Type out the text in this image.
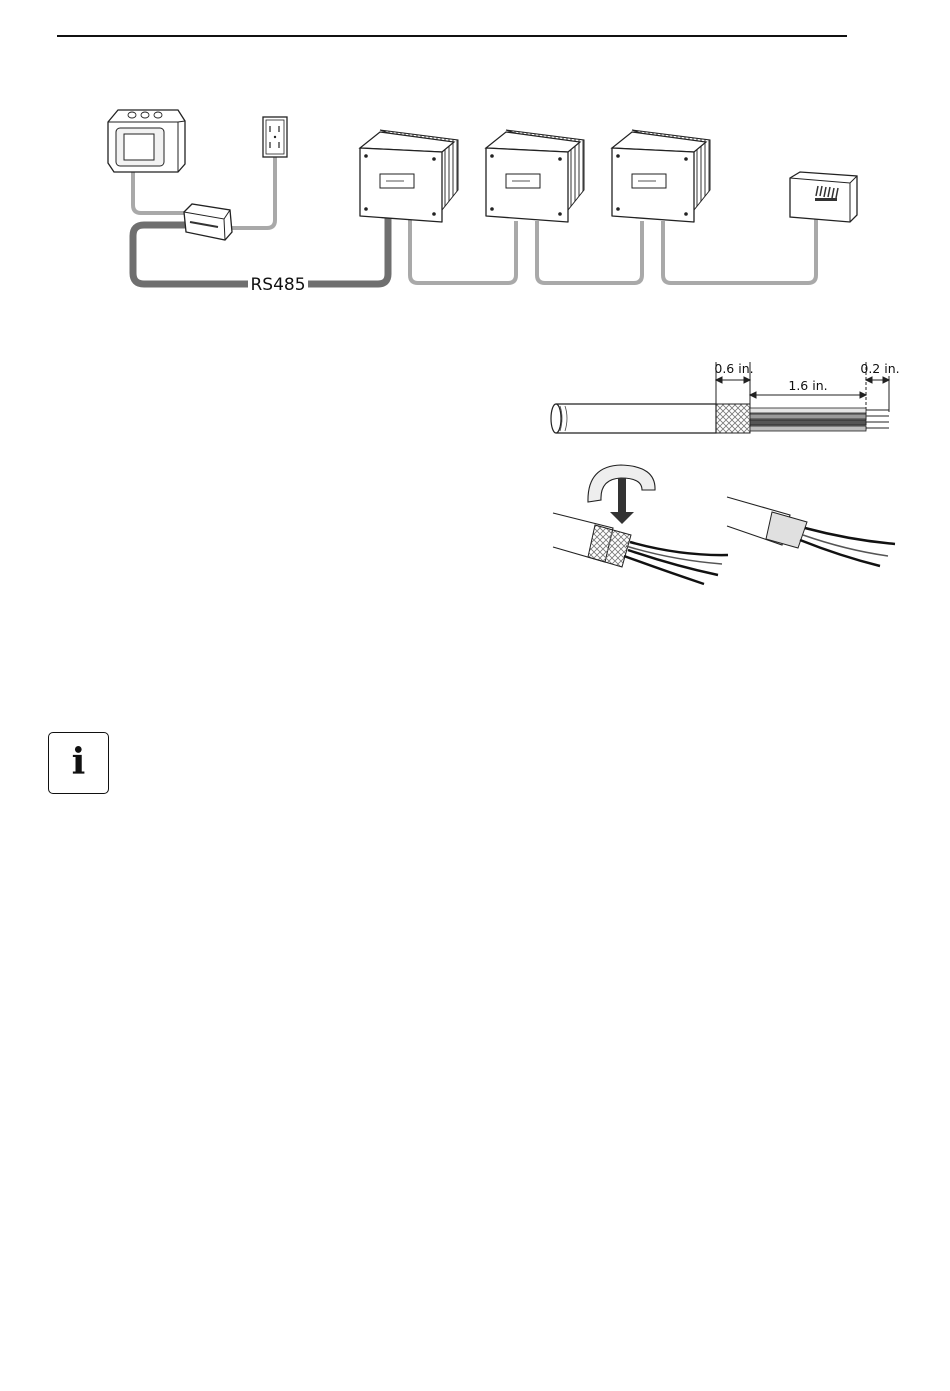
RS485
0.6 in.
1.6 in.
0.2 in.
i
